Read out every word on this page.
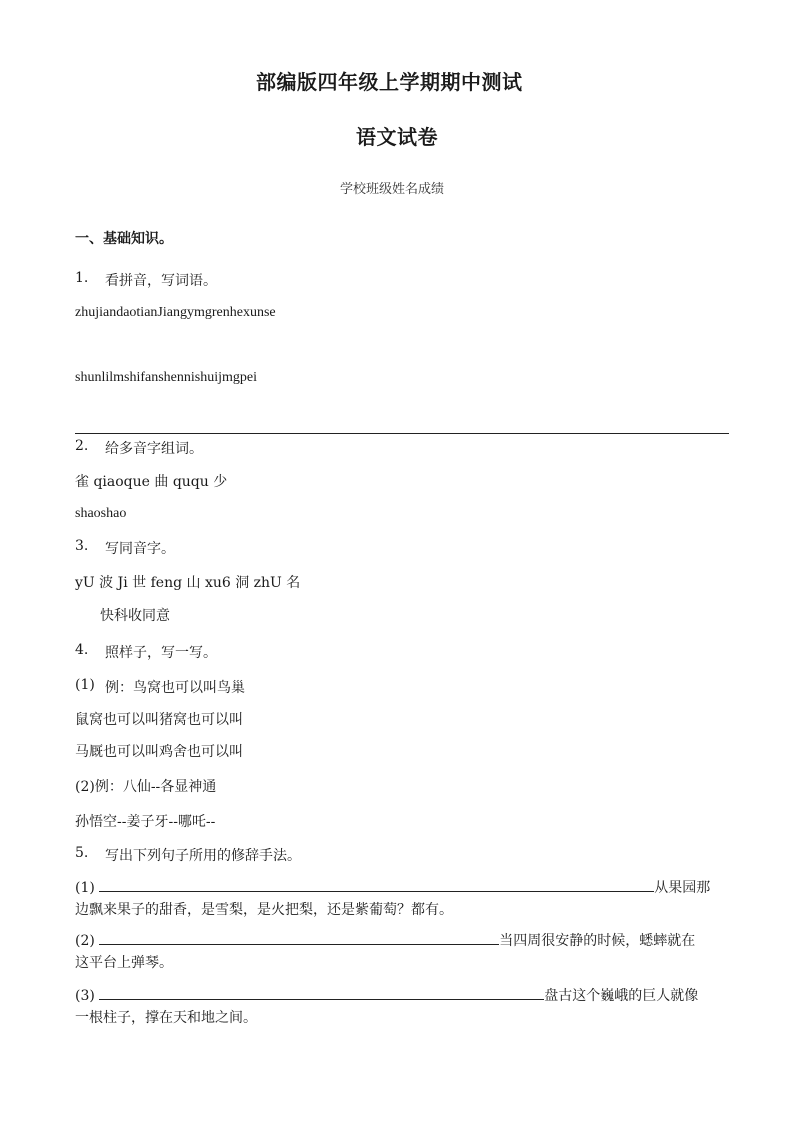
部编版四年级上学期期中测试
语文试卷
学校班级姓名成绩
一、基础知识。
1. 看拼音，写词语。
zhujiandaotianJiangymgrenhexunse
shunlilmshifanshennishuijmgpei
2. 给多音字组词。
雀 qiaoque 曲 ququ 少
shaoshao
3. 写同音字。
yU 波 Ji 世 feng 山 xu6 洞 zhU 名
快科收同意
4. 照样子，写一写。
(1) 例：鸟窝也可以叫鸟巢
鼠窝也可以叫猪窝也可以叫
马厩也可以叫鸡舍也可以叫
(2)例：八仙--各显神通
孙悟空--姜子牙--哪吒--
5. 写出下列句子所用的修辞手法。
(1)	从果园那
边飘来果子的甜香，是雪梨，是火把梨，还是紫葡萄？都有。
(2)	当四周很安静的时候，蟋蟀就在
这平台上弹琴。
(3)	盘古这个巍峨的巨人就像
一根柱子，撑在天和地之间。
